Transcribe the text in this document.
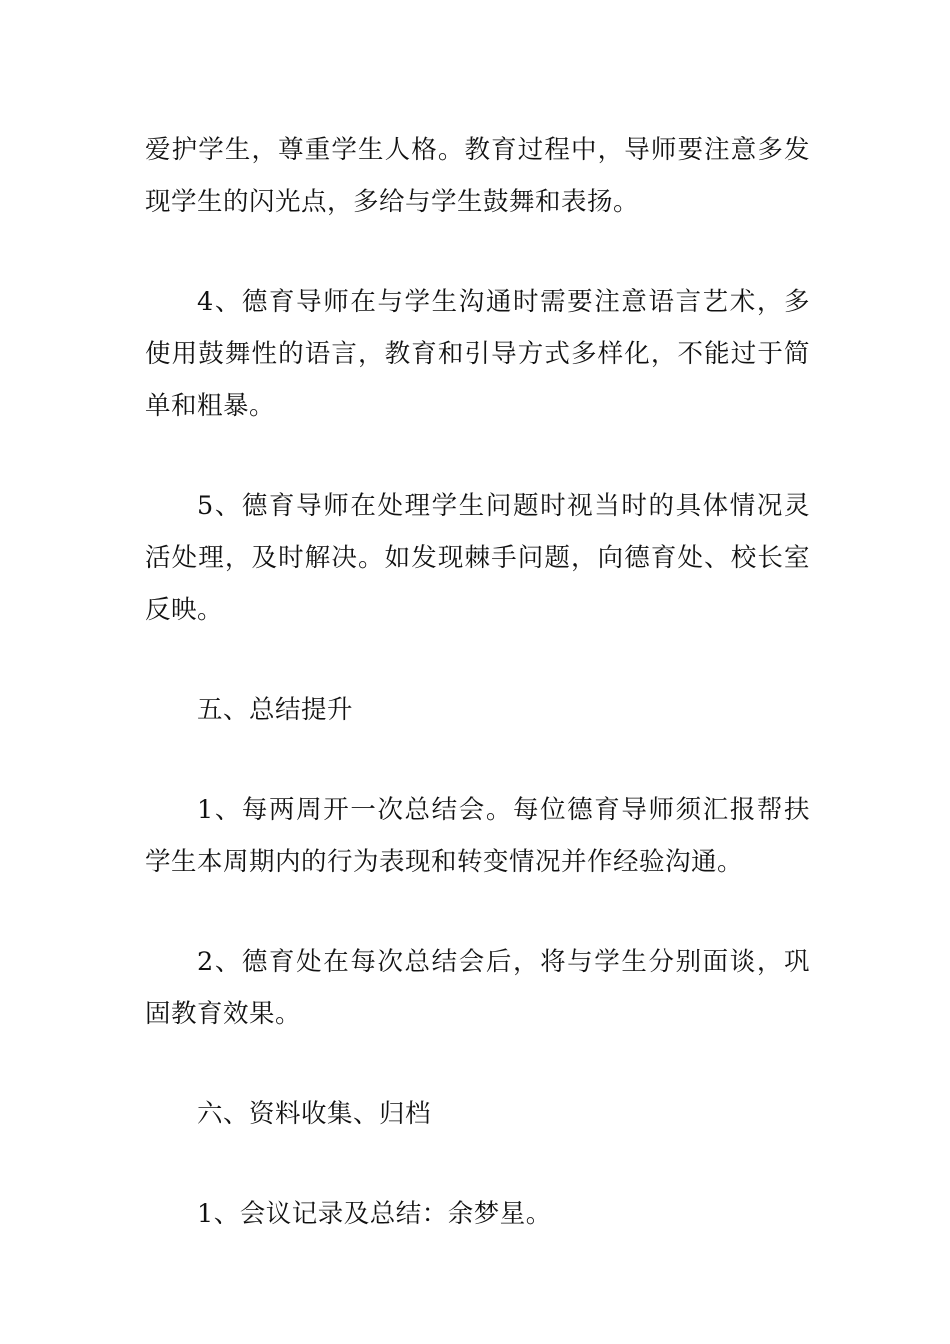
爱护学生，尊重学生人格。教育过程中，导师要注意多发现学生的闪光点，多给与学生鼓舞和表扬。

4、德育导师在与学生沟通时需要注意语言艺术，多使用鼓舞性的语言，教育和引导方式多样化，不能过于简单和粗暴。

5、德育导师在处理学生问题时视当时的具体情况灵活处理，及时解决。如发现棘手问题，向德育处、校长室反映。

五、总结提升

1、每两周开一次总结会。每位德育导师须汇报帮扶学生本周期内的行为表现和转变情况并作经验沟通。

2、德育处在每次总结会后，将与学生分别面谈，巩固教育效果。

六、资料收集、归档

1、会议记录及总结：余梦星。
